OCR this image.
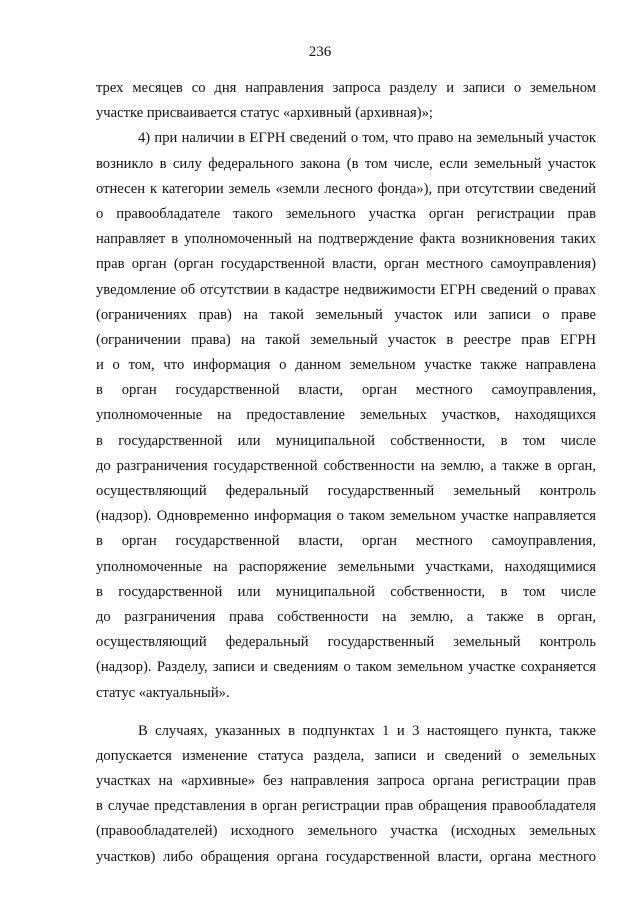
236
трех месяцев со дня направления запроса разделу и записи о земельном
участке присваивается статус «архивный (архивная)»;
4) при наличии в ЕГРН сведений о том, что право на земельный участок
возникло в силу федерального закона (в том числе, если земельный участок
отнесен к категории земель «земли лесного фонда»), при отсутствии сведений
о правообладателе такого земельного участка орган регистрации прав
направляет в уполномоченный на подтверждение факта возникновения таких
прав орган (орган государственной власти, орган местного самоуправления)
уведомление об отсутствии в кадастре недвижимости ЕГРН сведений о правах
(ограничениях прав) на такой земельный участок или записи о праве
(ограничении права) на такой земельный участок в реестре прав ЕГРН
и о том, что информация о данном земельном участке также направлена
в орган государственной власти, орган местного самоуправления,
уполномоченные на предоставление земельных участков, находящихся
в государственной или муниципальной собственности, в том числе
до разграничения государственной собственности на землю, а также в орган,
осуществляющий федеральный государственный земельный контроль
(надзор). Одновременно информация о таком земельном участке направляется
в орган государственной власти, орган местного самоуправления,
уполномоченные на распоряжение земельными участками, находящимися
в государственной или муниципальной собственности, в том числе
до разграничения права собственности на землю, а также в орган,
осуществляющий федеральный государственный земельный контроль
(надзор). Разделу, записи и сведениям о таком земельном участке сохраняется
статус «актуальный».
В случаях, указанных в подпунктах 1 и 3 настоящего пункта, также
допускается изменение статуса раздела, записи и сведений о земельных
участках на «архивные» без направления запроса органа регистрации прав
в случае представления в орган регистрации прав обращения правообладателя
(правообладателей) исходного земельного участка (исходных земельных
участков) либо обращения органа государственной власти, органа местного
